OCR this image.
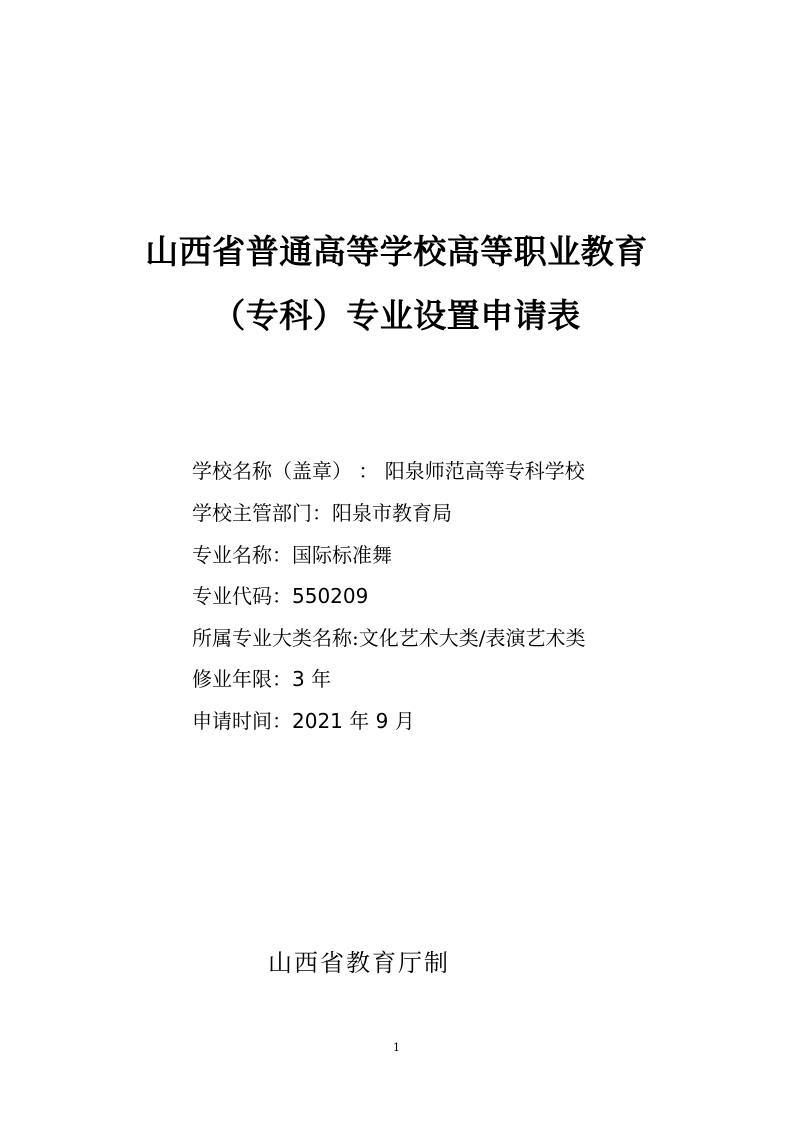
山西省普通高等学校高等职业教育
（专科）专业设置申请表
学校名称（盖章） ： 阳泉师范高等专科学校
学校主管部门：阳泉市教育局
专业名称：国际标准舞
专业代码：550209
所属专业大类名称:文化艺术大类/表演艺术类
修业年限：3 年
申请时间：2021 年 9 月
山西省教育厅制
1
